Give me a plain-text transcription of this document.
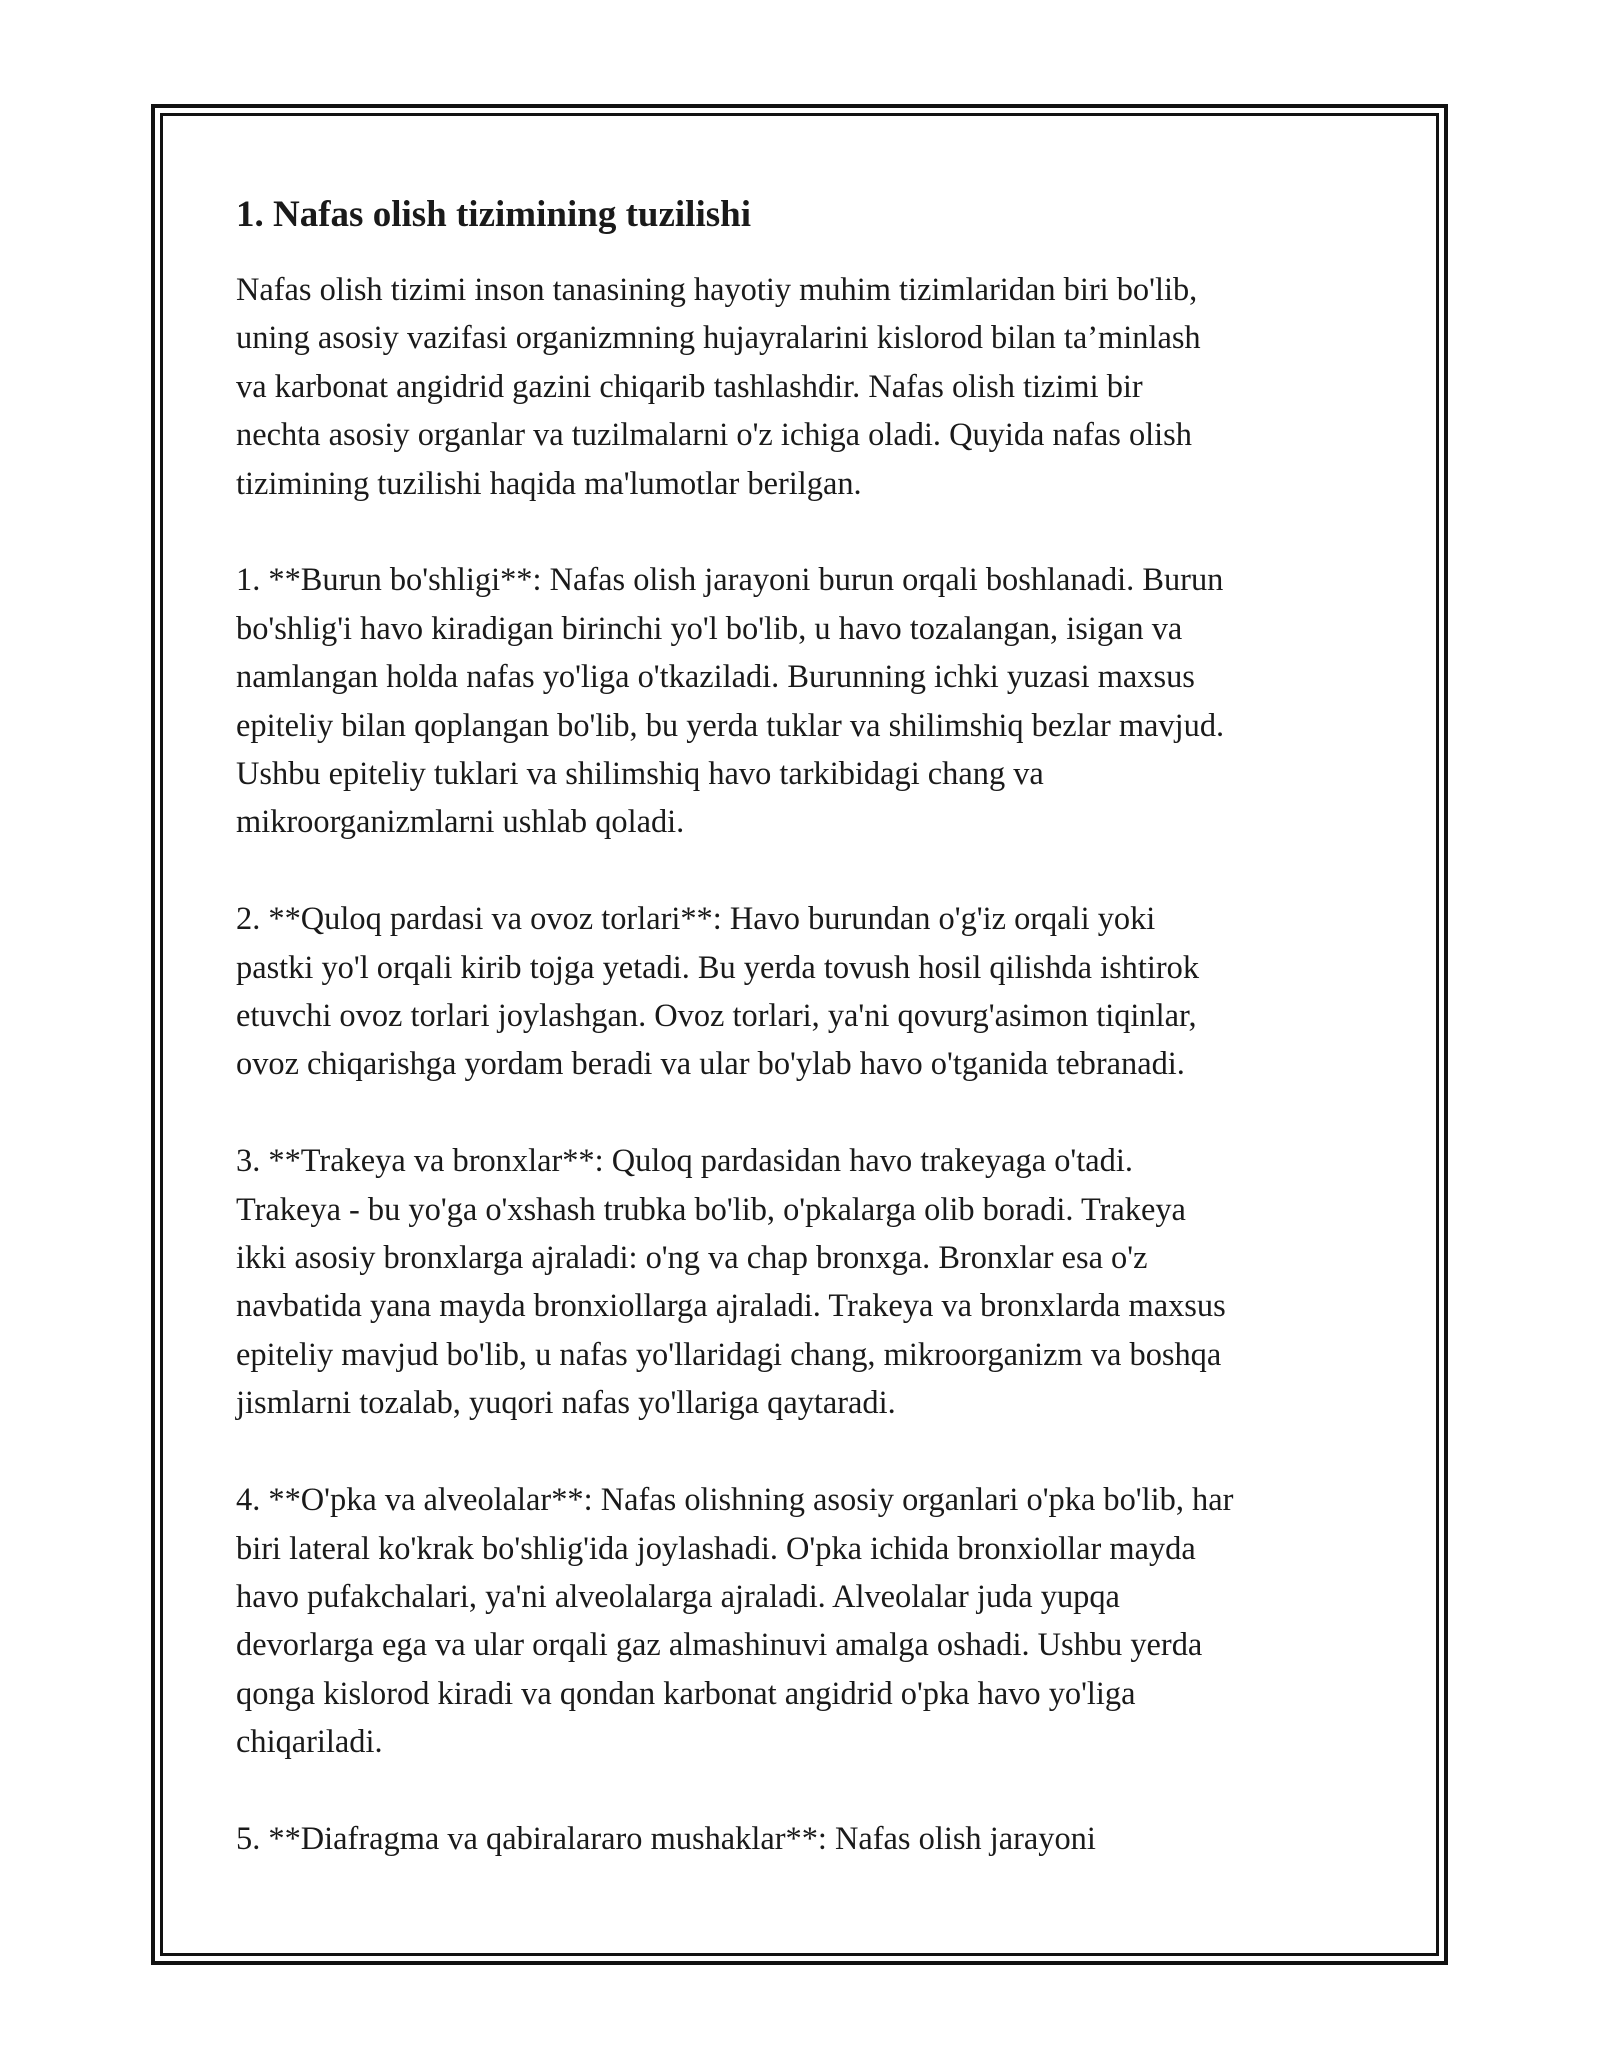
1. Nafas olish tizimining tuzilishi

Nafas olish tizimi inson tanasining hayotiy muhim tizimlaridan biri bo'lib,
uning asosiy vazifasi organizmning hujayralarini kislorod bilan ta’minlash
va karbonat angidrid gazini chiqarib tashlashdir. Nafas olish tizimi bir
nechta asosiy organlar va tuzilmalarni o'z ichiga oladi. Quyida nafas olish
tizimining tuzilishi haqida ma'lumotlar berilgan.

1. **Burun bo'shligi**: Nafas olish jarayoni burun orqali boshlanadi. Burun
bo'shlig'i havo kiradigan birinchi yo'l bo'lib, u havo tozalangan, isigan va
namlangan holda nafas yo'liga o'tkaziladi. Burunning ichki yuzasi maxsus
epiteliy bilan qoplangan bo'lib, bu yerda tuklar va shilimshiq bezlar mavjud.
Ushbu epiteliy tuklari va shilimshiq havo tarkibidagi chang va
mikroorganizmlarni ushlab qoladi.

2. **Quloq pardasi va ovoz torlari**: Havo burundan o'g'iz orqali yoki
pastki yo'l orqali kirib tojga yetadi. Bu yerda tovush hosil qilishda ishtirok
etuvchi ovoz torlari joylashgan. Ovoz torlari, ya'ni qovurg'asimon tiqinlar,
ovoz chiqarishga yordam beradi va ular bo'ylab havo o'tganida tebranadi.

3. **Trakeya va bronxlar**: Quloq pardasidan havo trakeyaga o'tadi.
Trakeya - bu yo'ga o'xshash trubka bo'lib, o'pkalarga olib boradi. Trakeya
ikki asosiy bronxlarga ajraladi: o'ng va chap bronxga. Bronxlar esa o'z
navbatida yana mayda bronxiollarga ajraladi. Trakeya va bronxlarda maxsus
epiteliy mavjud bo'lib, u nafas yo'llaridagi chang, mikroorganizm va boshqa
jismlarni tozalab, yuqori nafas yo'llariga qaytaradi.

4. **O'pka va alveolalar**: Nafas olishning asosiy organlari o'pka bo'lib, har
biri lateral ko'krak bo'shlig'ida joylashadi. O'pka ichida bronxiollar mayda
havo pufakchalari, ya'ni alveolalarga ajraladi. Alveolalar juda yupqa
devorlarga ega va ular orqali gaz almashinuvi amalga oshadi. Ushbu yerda
qonga kislorod kiradi va qondan karbonat angidrid o'pka havo yo'liga
chiqariladi.

5. **Diafragma va qabiralararo mushaklar**: Nafas olish jarayoni
